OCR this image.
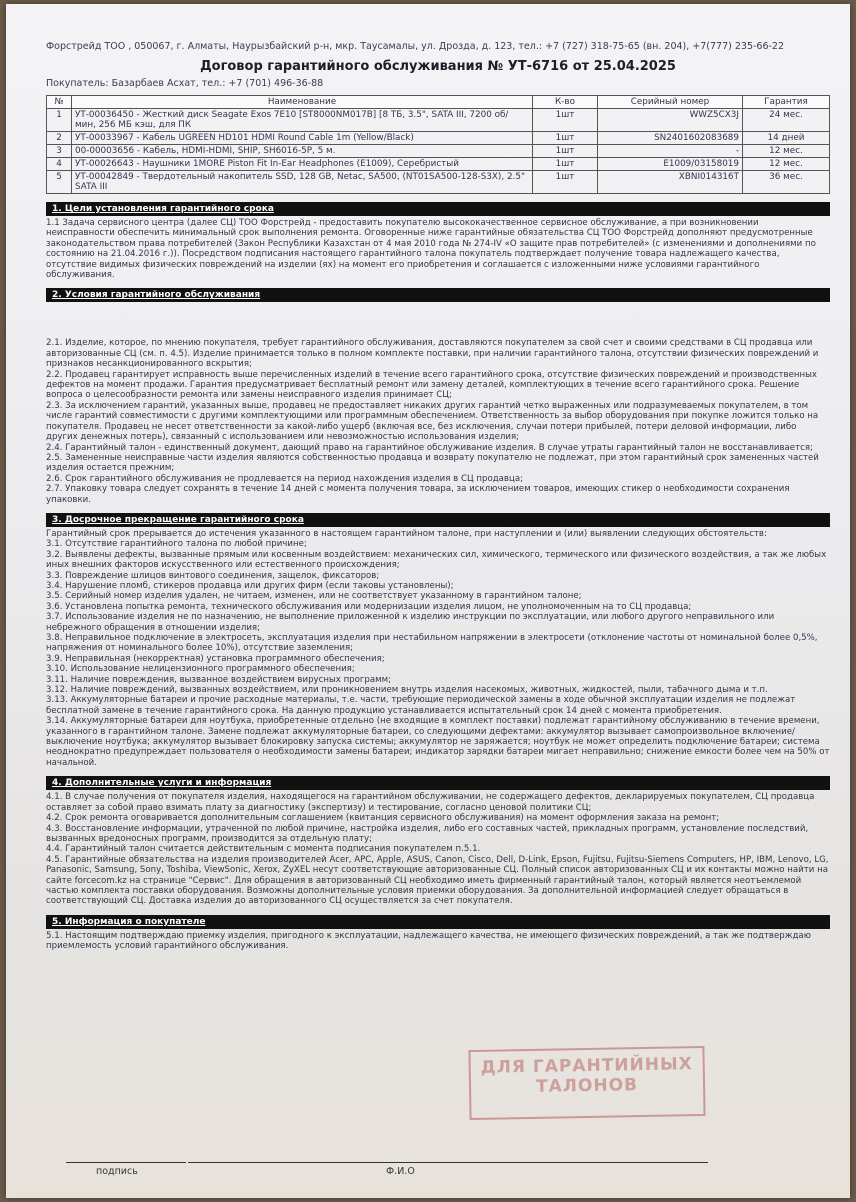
Форстрейд ТОО , 050067, г. Алматы, Наурызбайский р-н, мкр. Таусамалы, ул. Дрозда, д. 123, тел.: +7 (727) 318-75-65 (вн. 204), +7(777) 235-66-22
Договор гарантийного обслуживания № УТ-6716 от 25.04.2025
Покупатель: Базарбаев Асхат, тел.: +7 (701) 496-36-88
№	Наименование	К-во	Серийный номер	Гарантия
1	УТ-00036450 - Жесткий диск Seagate Exos 7E10 [ST8000NM017B] [8 ТБ, 3.5", SATA III, 7200 об/мин, 256 МБ кэш, для ПК	1шт	WWZ5CX3J	24 мес.
2	УТ-00033967 - Кабель UGREEN HD101 HDMI Round Cable 1m (Yellow/Black)	1шт	SN2401602083689	14 дней
3	00-00003656 - Кабель, HDMI-HDMI, SHIP, SH6016-5P, 5 м.	1шт	-	12 мес.
4	УТ-00026643 - Наушники 1MORE Piston Fit In-Ear Headphones (E1009), Серебристый	1шт	E1009/03158019	12 мес.
5	УТ-00042849 - Твердотельный накопитель SSD, 128 GB, Netac, SA500, (NT01SA500-128-S3X), 2.5" SATA III	1шт	XBNI014316T	36 мес.
1. Цели установления гарантийного срока

1.1 Задача сервисного центра (далее СЦ) ТОО Форстрейд - предоставить покупателю высококачественное сервисное обслуживание, а при возникновении неисправности обеспечить минимальный срок выполнения ремонта. Оговоренные ниже гарантийные обязательства СЦ ТОО Форстрейд дополняют предусмотренные законодательством права потребителей (Закон Республики Казахстан от 4 мая 2010 года № 274-IV «О защите прав потребителей» (с изменениями и дополнениями по состоянию на 21.04.2016 г.)). Посредством подписания настоящего гарантийного талона покупатель подтверждает получение товара надлежащего качества, отсутствие видимых физических повреждений на изделии (ях) на момент его приобретения и соглашается с изложенными ниже условиями гарантийного обслуживания.

2. Условия гарантийного обслуживания

2.1. Изделие, которое, по мнению покупателя, требует гарантийного обслуживания, доставляются покупателем за свой счет и своими средствами в СЦ продавца или авторизованные СЦ (см. п. 4.5). Изделие принимается только в полном комплекте поставки, при наличии гарантийного талона, отсутствии физических повреждений и признаков несанкционированного вскрытия;

2.2. Продавец гарантирует исправность выше перечисленных изделий в течение всего гарантийного срока, отсутствие физических повреждений и производственных дефектов на момент продажи. Гарантия предусматривает бесплатный ремонт или замену деталей, комплектующих в течение всего гарантийного срока. Решение вопроса о целесообразности ремонта или замены неисправного изделия принимает СЦ;

2.3. За исключением гарантий, указанных выше, продавец не предоставляет никаких других гарантий четко выраженных или подразумеваемых покупателем, в том числе гарантий совместимости с другими комплектующими или программным обеспечением. Ответственность за выбор оборудования при покупке ложится только на покупателя. Продавец не несет ответственности за какой-либо ущерб (включая все, без исключения, случаи потери прибылей, потери деловой информации, либо других денежных потерь), связанный с использованием или невозможностью использования изделия;

2.4. Гарантийный талон - единственный документ, дающий право на гарантийное обслуживание изделия. В случае утраты гарантийный талон не восстанавливается;

2.5. Замененные неисправные части изделия являются собственностью продавца и возврату покупателю не подлежат, при этом гарантийный срок замененных частей изделия остается прежним;

2.6. Срок гарантийного обслуживания не продлевается на период нахождения изделия в СЦ продавца;

2.7. Упаковку товара следует сохранять в течение 14 дней с момента получения товара, за исключением товаров, имеющих стикер о необходимости сохранения упаковки.

3. Досрочное прекращение гарантийного срока

Гарантийный срок прерывается до истечения указанного в настоящем гарантийном талоне, при наступлении и (или) выявлении следующих обстоятельств:

3.1. Отсутствие гарантийного талона по любой причине;

3.2. Выявлены дефекты, вызванные прямым или косвенным воздействием: механических сил, химического, термического или физического воздействия, а так же любых иных внешних факторов искусственного или естественного происхождения;

3.3. Повреждение шлицов винтового соединения, защелок, фиксаторов;

3.4. Нарушение пломб, стикеров продавца или других фирм (если таковы установлены);

3.5. Серийный номер изделия удален, не читаем, изменен, или не соответствует указанному в гарантийном талоне;

3.6. Установлена попытка ремонта, технического обслуживания или модернизации изделия лицом, не уполномоченным на то СЦ продавца;

3.7. Использование изделия не по назначению, не выполнение приложенной к изделию инструкции по эксплуатации, или любого другого неправильного или небрежного обращения в отношении изделия;

3.8. Неправильное подключение в электросеть, эксплуатация изделия при нестабильном напряжении в электросети (отклонение частоты от номинальной более 0,5%, напряжения от номинального более 10%), отсутствие заземления;

3.9. Неправильная (некорректная) установка программного обеспечения;

3.10. Использование нелицензионного программного обеспечения;

3.11. Наличие повреждения, вызванное воздействием вирусных программ;

3.12. Наличие повреждений, вызванных воздействием, или проникновением внутрь изделия насекомых, животных, жидкостей, пыли, табачного дыма и т.п.

3.13. Аккумуляторные батареи и прочие расходные материалы, т.е. части, требующие периодической замены в ходе обычной эксплуатации изделия не подлежат бесплатной замене в течение гарантийного срока. На данную продукцию устанавливается испытательный срок 14 дней с момента приобретения.

3.14. Аккумуляторные батареи для ноутбука, приобретенные отдельно (не входящие в комплект поставки) подлежат гарантийному обслуживанию в течение времени, указанного в гарантийном талоне. Замене подлежат аккумуляторные батареи, со следующими дефектами: аккумулятор вызывает самопроизвольное включение/выключение ноутбука; аккумулятор вызывает блокировку запуска системы; аккумулятор не заряжается; ноутбук не может определить подключение батареи; система неоднократно предупреждает пользователя о необходимости замены батареи; индикатор зарядки батареи мигает неправильно; снижение емкости более чем на 50% от начальной.

4. Дополнительные услуги и информация

4.1. В случае получения от покупателя изделия, находящегося на гарантийном обслуживании, не содержащего дефектов, декларируемых покупателем, СЦ продавца оставляет за собой право взимать плату за диагностику (экспертизу) и тестирование, согласно ценовой политики СЦ;

4.2. Срок ремонта оговаривается дополнительным соглашением (квитанция сервисного обслуживания) на момент оформления заказа на ремонт;

4.3. Восстановление информации, утраченной по любой причине, настройка изделия, либо его составных частей, прикладных программ, установление последствий, вызванных вредоносных программ, производится за отдельную плату;

4.4. Гарантийный талон считается действительным с момента подписания покупателем п.5.1.

4.5. Гарантийные обязательства на изделия производителей Acer, APC, Apple, ASUS, Canon, Cisco, Dell, D-Link, Epson, Fujitsu, Fujitsu-Siemens Computers, HP, IBM, Lenovo, LG, Panasonic, Samsung, Sony, Toshiba, ViewSonic, Xerox, ZyXEL несут соответствующие авторизованные СЦ. Полный список авторизованных СЦ и их контакты можно найти на сайте forcecom.kz на странице "Сервис". Для обращения в авторизованный СЦ необходимо иметь фирменный гарантийный талон, который является неотъемлемой частью комплекта поставки оборудования. Возможны дополнительные условия приемки оборудования. За дополнительной информацией следует обращаться в соответствующий СЦ. Доставка изделия до авторизованного СЦ осуществляется за счет покупателя.

5. Информация о покупателе

5.1. Настоящим подтверждаю приемку изделия, пригодного к эксплуатации, надлежащего качества, не имеющего физических повреждений, а так же подтверждаю приемлемость условий гарантийного обслуживания.

ДЛЯ ГАРАНТИЙНЫХ
ТАЛОНОВ
подпись	Ф.И.О
